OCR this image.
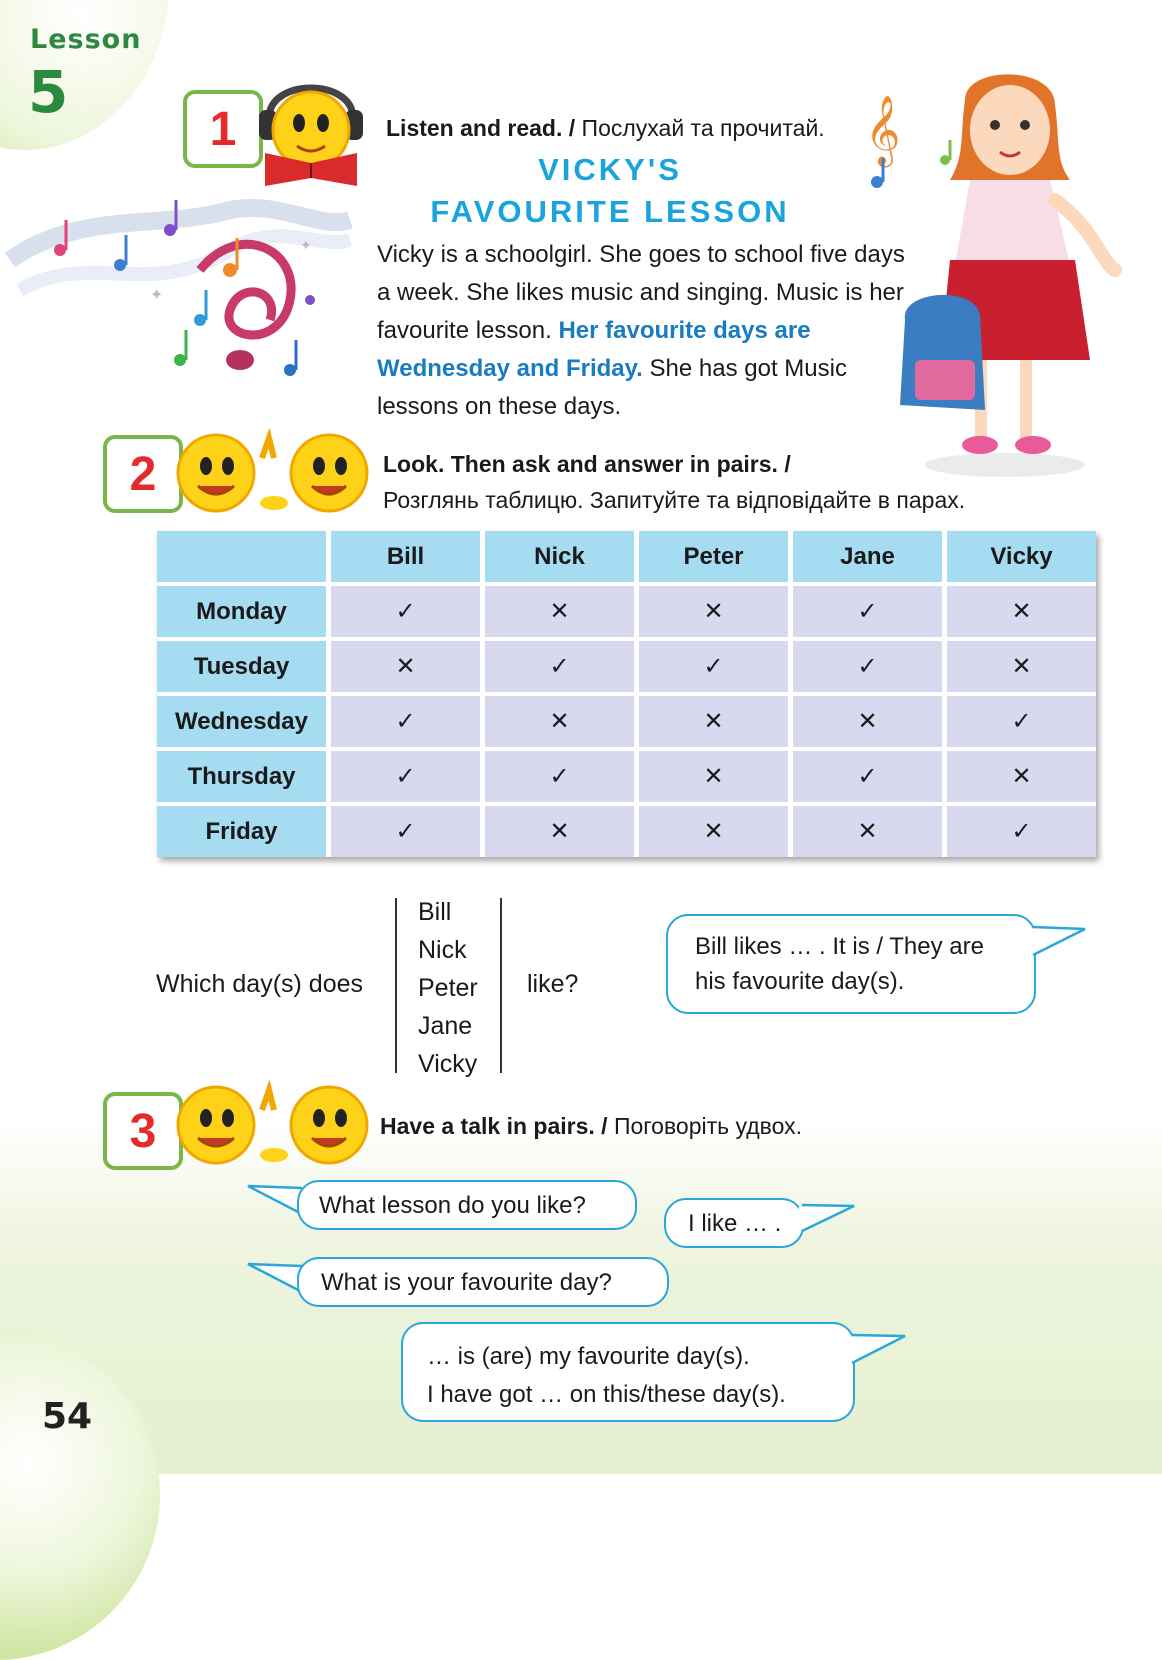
Lesson
5
54
✦
✦
𝄞
1	Listen and read. / Послухай та прочитай.
VICKY'S
FAVOURITE LESSON
Vicky is a schoolgirl. She goes to school five days a week. She likes music and singing. Music is her favourite lesson. Her favourite days are Wednesday and Friday. She has got Music lessons on these days.
2	Look. Then ask and answer in pairs. /
Розглянь таблицю. Запитуйте та відповідайте в парах.
	Bill	Nick	Peter	Jane	Vicky
Monday	✓	✕	✕	✓	✕
Tuesday	✕	✓	✓	✓	✕
Wednesday	✓	✕	✕	✕	✓
Thursday	✓	✓	✕	✓	✕
Friday	✓	✕	✕	✕	✓
Which day(s) does
Bill
Nick
Peter
Jane
Vicky
like?
Bill likes … . It is / They are
his favourite day(s).
3	Have a talk in pairs. / Поговоріть удвох.
What lesson do you like?
I like … .
What is your favourite day?
… is (are) my favourite day(s).
I have got … on this/these day(s).
